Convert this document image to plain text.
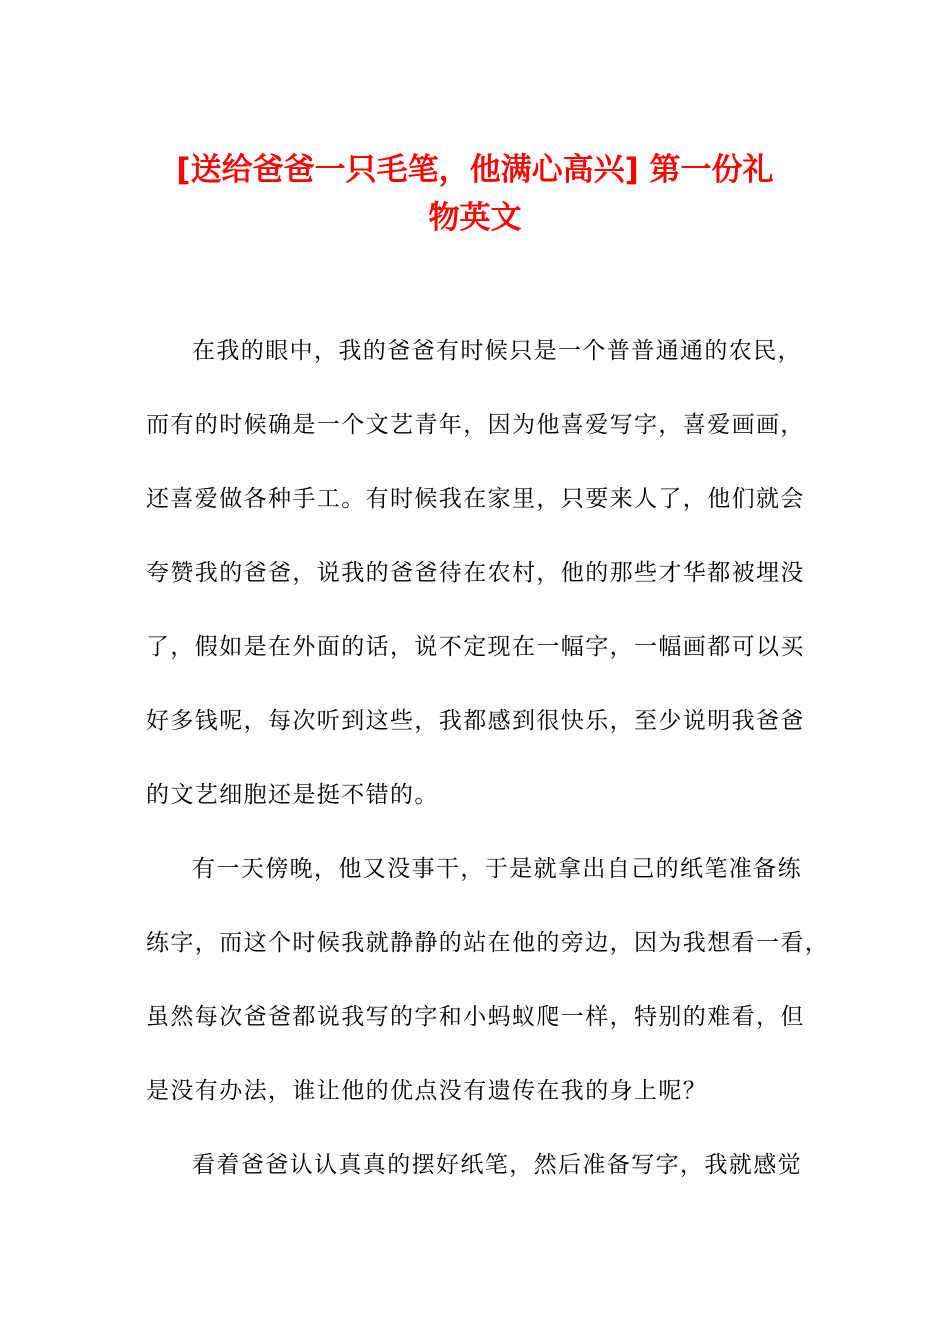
[送给爸爸一只毛笔，他满心高兴] 第一份礼
物英文

在我的眼中，我的爸爸有时候只是一个普普通通的农民，
而有的时候确是一个文艺青年，因为他喜爱写字，喜爱画画，
还喜爱做各种手工。有时候我在家里，只要来人了，他们就会
夸赞我的爸爸，说我的爸爸待在农村，他的那些才华都被埋没
了，假如是在外面的话，说不定现在一幅字，一幅画都可以买
好多钱呢，每次听到这些，我都感到很快乐，至少说明我爸爸
的文艺细胞还是挺不错的。

有一天傍晚，他又没事干，于是就拿出自己的纸笔准备练
练字，而这个时候我就静静的站在他的旁边，因为我想看一看，
虽然每次爸爸都说我写的字和小蚂蚁爬一样，特别的难看，但
是没有办法，谁让他的优点没有遗传在我的身上呢？

看着爸爸认认真真的摆好纸笔，然后准备写字，我就感觉
